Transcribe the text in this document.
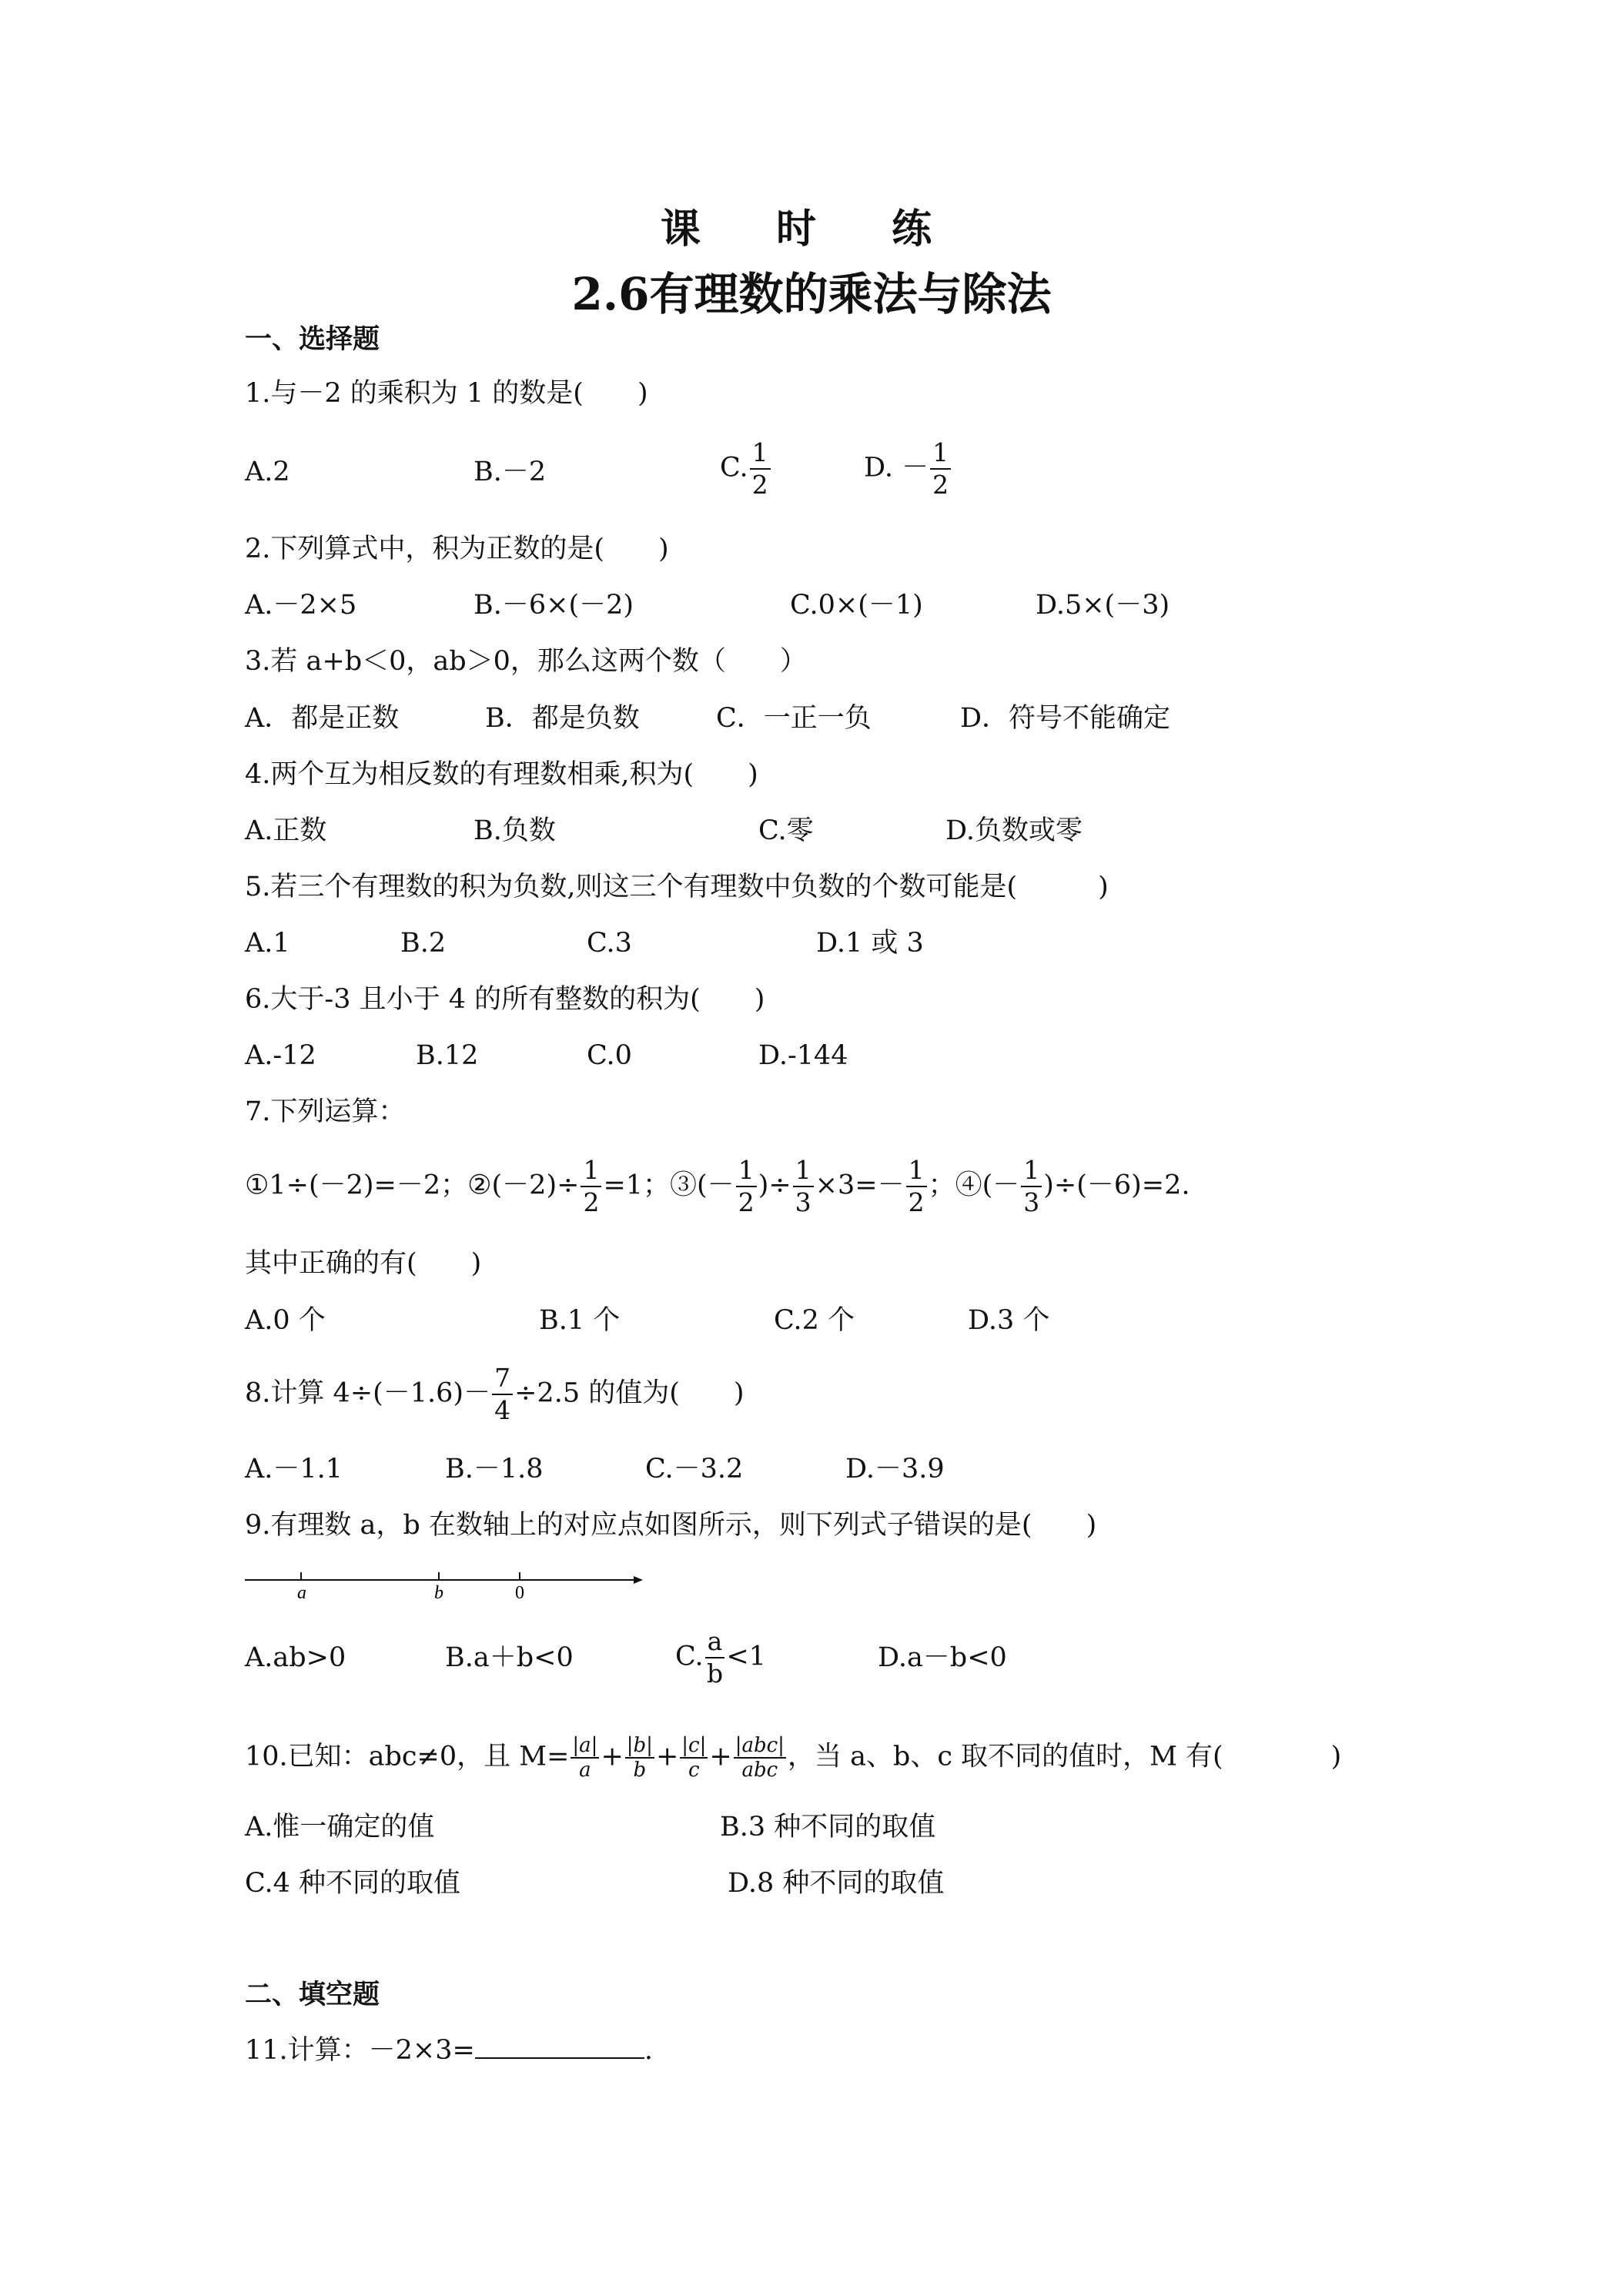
课 时 练
2.6有理数的乘法与除法
一、选择题
1.与－2 的乘积为 1 的数是(　　)
A.2	B.－2	C. $\frac{1}{2}$	D. － $\frac{1}{2}$
2.下列算式中，积为正数的是(　　)
A.－2×5	B.－6×(－2)	C.0×(－1)	D.5×(－3)
3.若 a+b＜0，ab＞0，那么这两个数（　　）
A．都是正数	B．都是负数	C．一正一负	D．符号不能确定
4.两个互为相反数的有理数相乘,积为(　　)
A.正数	B.负数	C.零	D.负数或零
5.若三个有理数的积为负数,则这三个有理数中负数的个数可能是(　　　)
A.1	B.2	C.3	D.1 或 3
6.大于-3 且小于 4 的所有整数的积为(　　)
A.-12	B.12	C.0	D.-144
7.下列运算：
①1÷(－2)=－2；②(－2)÷ $\frac{1}{2} =1$；③(－ $\frac{1}{2}$ )÷ $\frac{1}{3} \times 3=- \frac{1}{2}$ ；④(－ $\frac{1}{3} )\div(-6)=2$.
其中正确的有(　　)
A.0 个	B.1 个	C.2 个	D.3 个
8.计算 $4\div(-1.6)- \frac{7}{4} \div 2.5$ 的值为(　　)
A.－1.1	B.－1.8	C.－3.2	D.－3.9
9.有理数 a，b 在数轴上的对应点如图所示，则下列式子错误的是(　　)
a	b	0
A.ab>0	B.a＋b<0	C. $\frac{a}{b} <1$	D.a－b<0
10.已知：abc≠0，且 $M= \frac{|a|}{a} + \frac{|b|}{b} + \frac{|c|}{c} + |abc|$
abc ，当 a、b、c 取不同的值时，M 有(　　　　)
A.惟一确定的值	B.3 种不同的取值
C.4 种不同的取值	D.8 种不同的取值
二、填空题
11.计算：－2×3=	.
